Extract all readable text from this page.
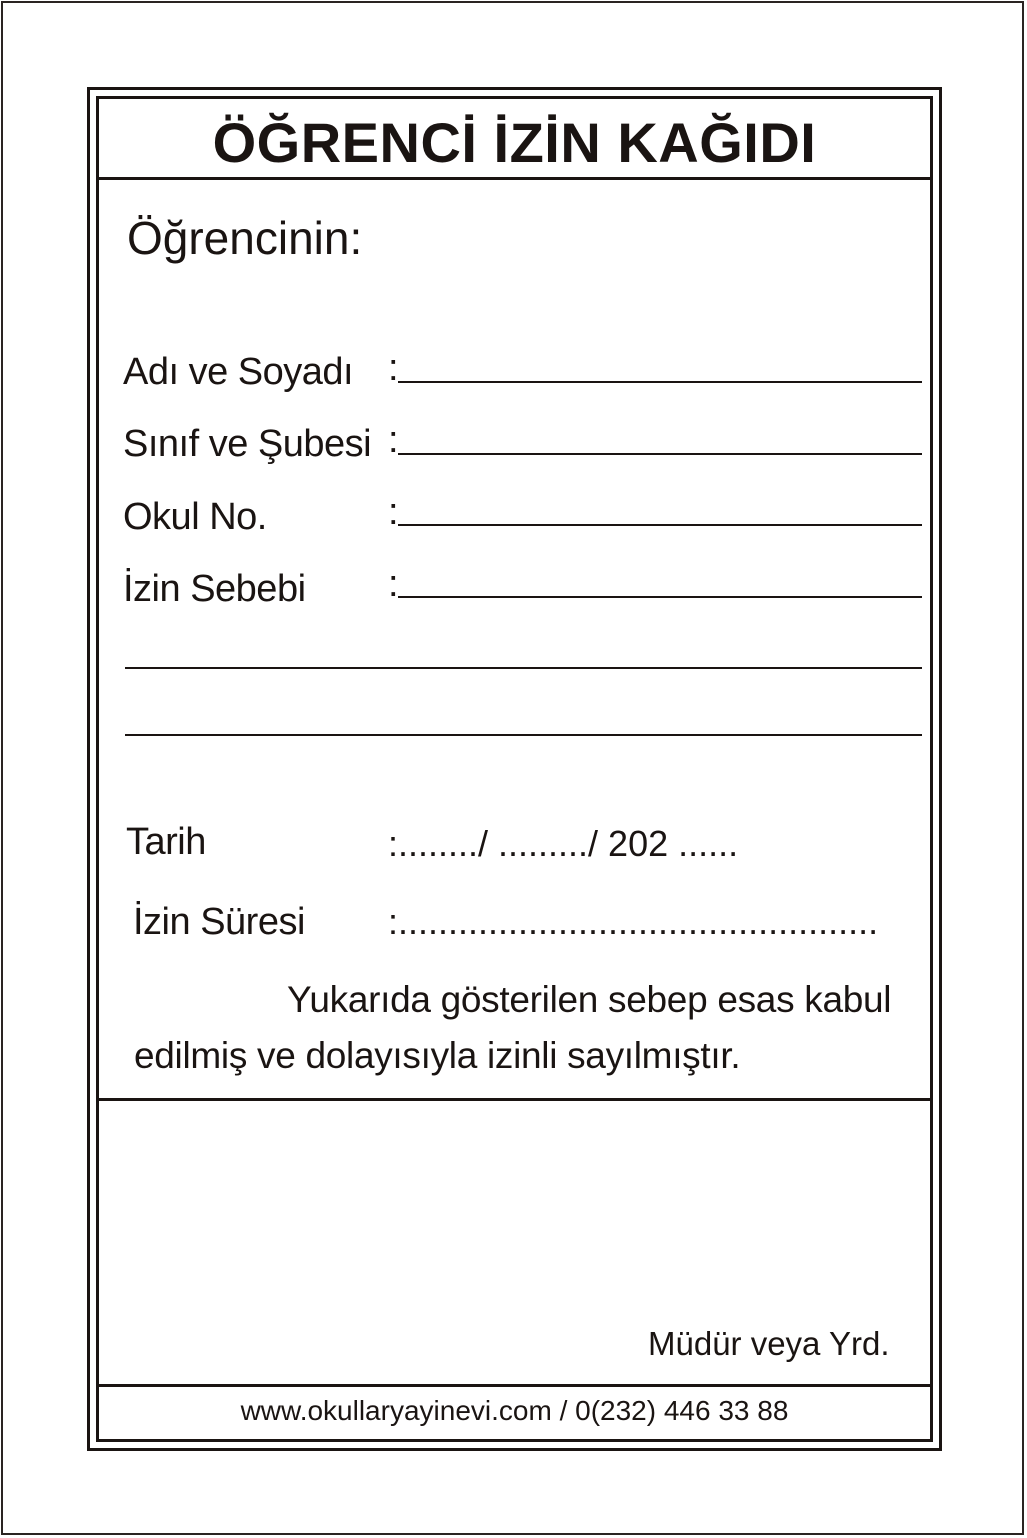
ÖĞRENCİ İZİN KAĞIDI
Öğrencinin:
Adı ve Soyadı :
Sınıf ve Şubesi :
Okul No.	:
İzin Sebebi :
Tarih	:......../ ........./ 202 ......
İzin Süresi :................................................
Yukarıda gösterilen sebep esas kabul edilmiş ve dolayısıyla izinli sayılmıştır.
Müdür veya Yrd.
www.okullaryayinevi.com / 0(232) 446 33 88
